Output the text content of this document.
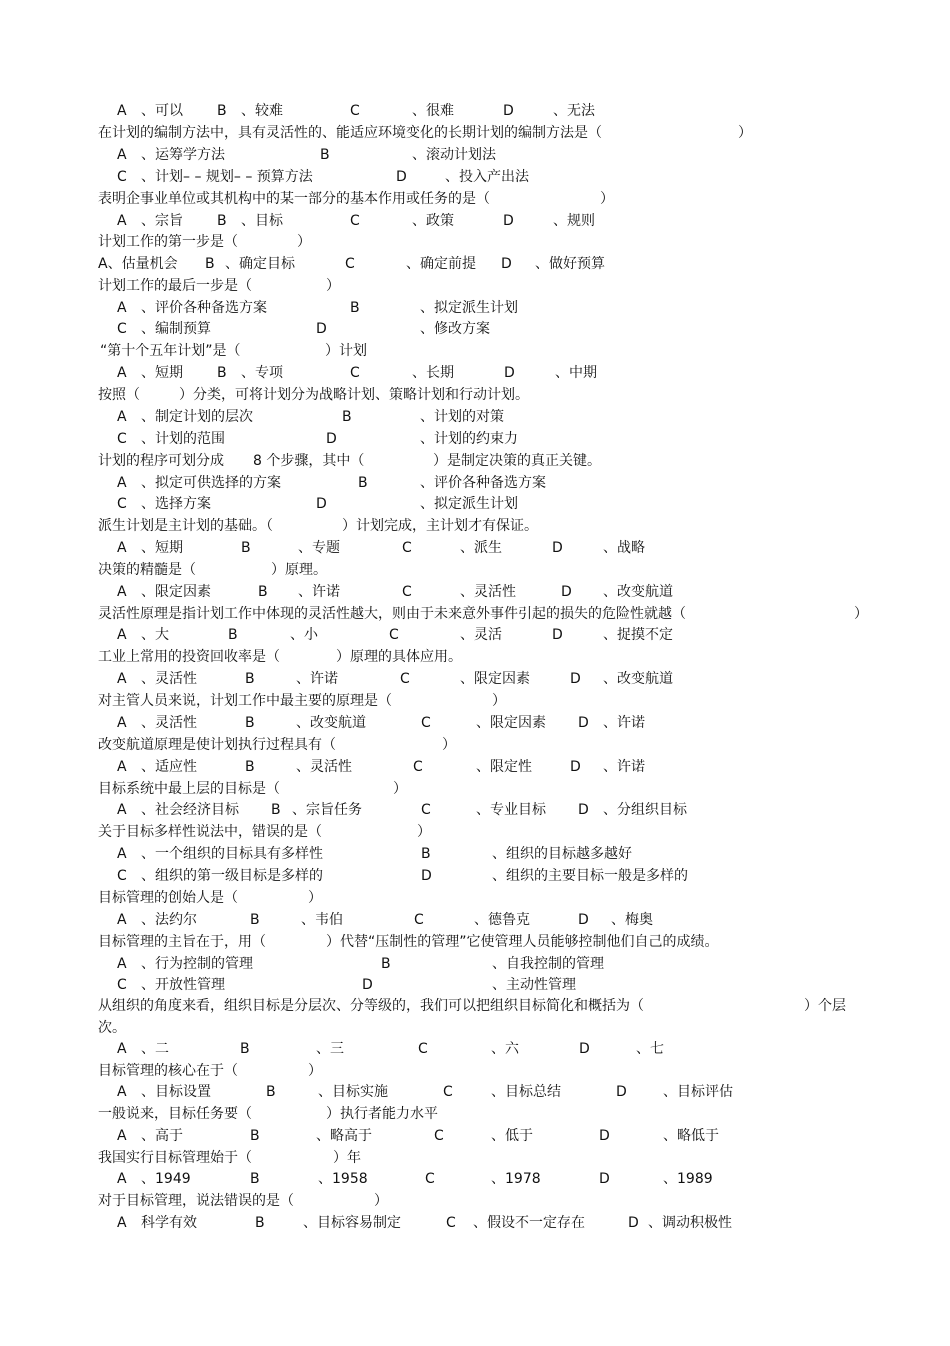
A 、可以 B 、较难	C	、很难	D	、无法
在计划的编制方法中，具有灵活性的、能适应环境变化的长期计划的编制方法是（	）
A 、运筹学方法	B	、滚动计划法
C 、计划– – 规划– – 预算方法	D	、投入产出法
表明企事业单位或其机构中的某一部分的基本作用或任务的是（	）
A 、宗旨 B 、目标	C	、政策	D	、规则
计划工作的第一步是（	）
A、估量机会 B 、确定目标	C	、确定前提 D 、做好预算
计划工作的最后一步是（	）
A 、评价各种备选方案	B	、拟定派生计划
C 、编制预算	D	、修改方案
“第十个五年计划”是（	）计划
A 、短期 B 、专项	C	、长期	D	、中期
按照（	）分类，可将计划分为战略计划、策略计划和行动计划。
A 、制定计划的层次	B	、计划的对策
C 、计划的范围	D	、计划的约束力
计划的程序可划分成 8 个步骤，其中（	）是制定决策的真正关键。
A 、拟定可供选择的方案	B	、评价各种备选方案
C 、选择方案	D	、拟定派生计划
派生计划是主计划的基础。（	）计划完成，主计划才有保证。
A 、短期	B	、专题	C	、派生	D	、战略
决策的精髓是（	）原理。
A 、限定因素	B 、许诺	C	、灵活性	D 、改变航道
灵活性原理是指计划工作中体现的灵活性越大，则由于未来意外事件引起的损失的危险性就越（	）
A 、大	B	、小	C	、灵活	D	、捉摸不定
工业上常用的投资回收率是（	）原理的具体应用。
A 、灵活性	B	、许诺	C	、限定因素	D 、改变航道
对主管人员来说，计划工作中最主要的原理是（	）
A 、灵活性	B	、改变航道	C	、限定因素 D 、许诺
改变航道原理是使计划执行过程具有（	）
A 、适应性	B	、灵活性	C	、限定性	D 、许诺
目标系统中最上层的目标是（	）
A 、社会经济目标 B 、宗旨任务	C	、专业目标 D 、分组织目标
关于目标多样性说法中，错误的是（	）
A 、一个组织的目标具有多样性	B	、组织的目标越多越好
C 、组织的第一级目标是多样的	D	、组织的主要目标一般是多样的
目标管理的创始人是（	）
A 、法约尔	B	、韦伯	C	、德鲁克	D 、梅奥
目标管理的主旨在于，用（	）代替“压制性的管理”它使管理人员能够控制他们自己的成绩。
A 、行为控制的管理	B	、自我控制的管理
C 、开放性管理	D	、主动性管理
从组织的角度来看，组织目标是分层次、分等级的，我们可以把组织目标简化和概括为（	）个层
次。
A 、二	B	、三	C	、六	D	、七
目标管理的核心在于（	）
A 、目标设置	B	、目标实施	C	、目标总结	D	、目标评估
一般说来，目标任务要（	）执行者能力水平
A 、高于	B	、略高于	C	、低于	D	、略低于
我国实行目标管理始于（	）年
A 、1949	B	、1958	C	、1978	D	、1989
对于目标管理，说法错误的是（	）
A 科学有效	B	、目标容易制定	C 、假设不一定存在	D 、调动积极性
